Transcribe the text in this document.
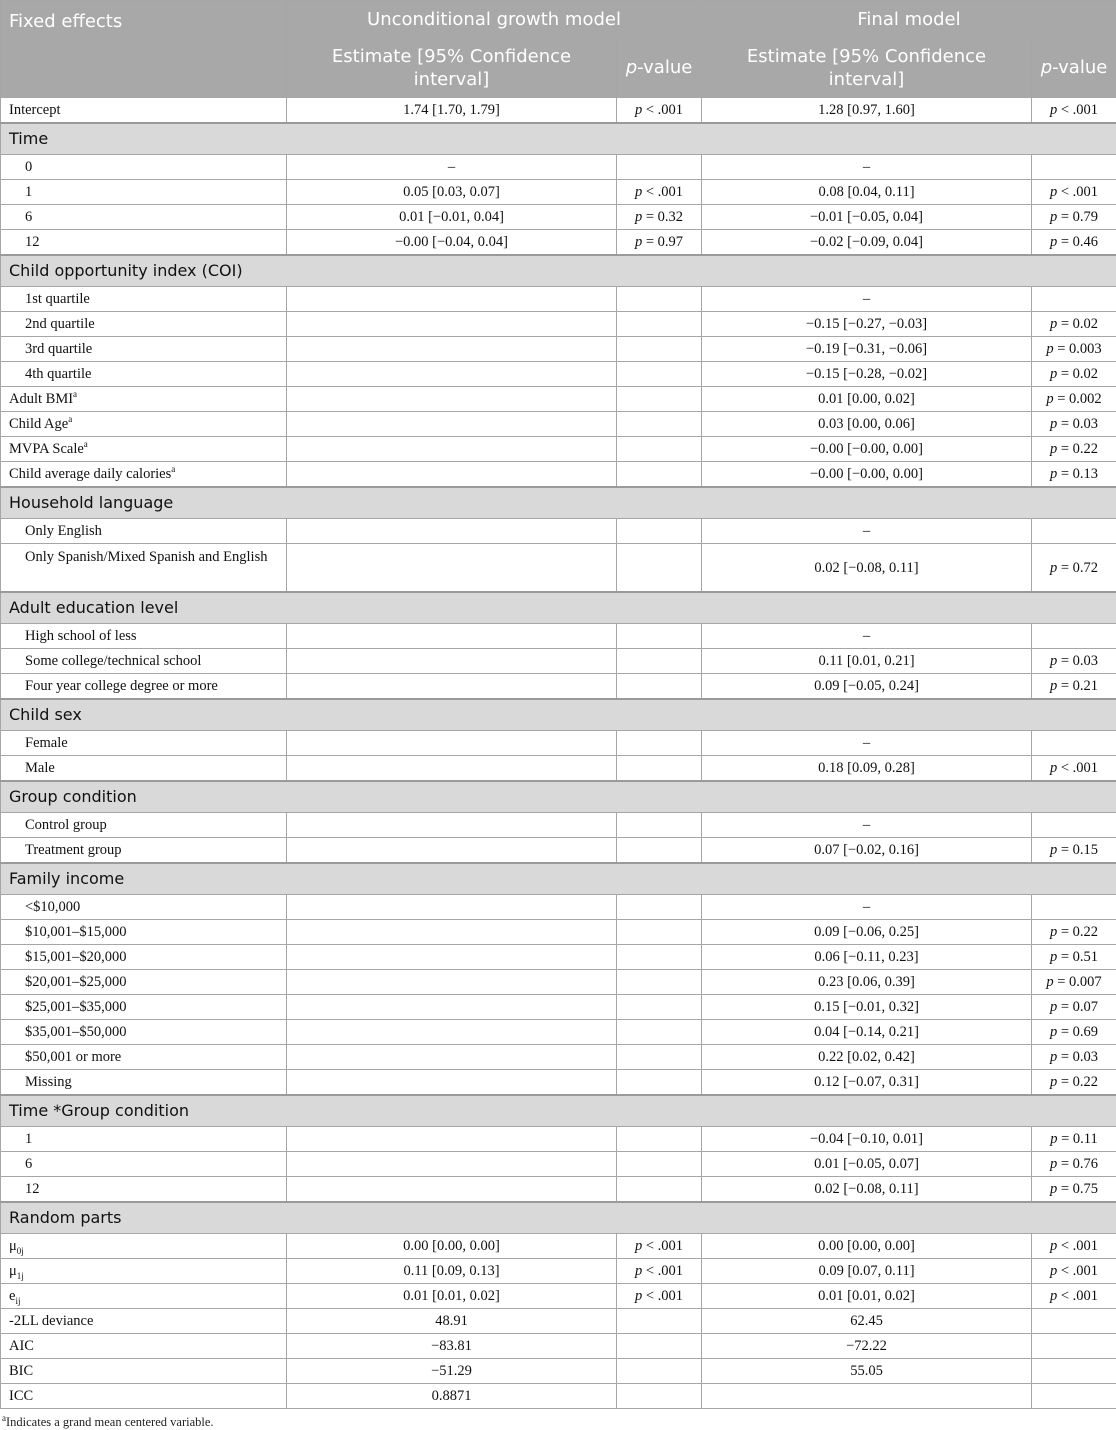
Fixed effects	Unconditional growth model		Final model	
	Estimate [95% Confidence interval]	p-value	Estimate [95% Confidence interval]	p-value
Intercept	1.74 [1.70, 1.79]	p < .001	1.28 [0.97, 1.60]	p < .001
Time				
0	–		–	
1	0.05 [0.03, 0.07]	p < .001	0.08 [0.04, 0.11]	p < .001
6	0.01 [−0.01, 0.04]	p = 0.32	−0.01 [−0.05, 0.04]	p = 0.79
12	−0.00 [−0.04, 0.04]	p = 0.97	−0.02 [−0.09, 0.04]	p = 0.46
Child opportunity index (COI)				
1st quartile			–	
2nd quartile			−0.15 [−0.27, −0.03]	p = 0.02
3rd quartile			−0.19 [−0.31, −0.06]	p = 0.003
4th quartile			−0.15 [−0.28, −0.02]	p = 0.02
Adult BMI$^a$			0.01 [0.00, 0.02]	p = 0.002
Child Age$^a$			0.03 [0.00, 0.06]	p = 0.03
MVPA Scale$^a$			−0.00 [−0.00, 0.00]	p = 0.22
Child average daily calories$^a$			−0.00 [−0.00, 0.00]	p = 0.13
Household language				
Only English			–	
Only Spanish/Mixed Spanish and English			0.02 [−0.08, 0.11]	p = 0.72
Adult education level				
High school of less			–	
Some college/technical school			0.11 [0.01, 0.21]	p = 0.03
Four year college degree or more			0.09 [−0.05, 0.24]	p = 0.21
Child sex				
Female			–	
Male			0.18 [0.09, 0.28]	p < .001
Group condition				
Control group			–	
Treatment group			0.07 [−0.02, 0.16]	p = 0.15
Family income				
<$10,000			–	
$10,001–$15,000			0.09 [−0.06, 0.25]	p = 0.22
$15,001–$20,000			0.06 [−0.11, 0.23]	p = 0.51
$20,001–$25,000			0.23 [0.06, 0.39]	p = 0.007
$25,001–$35,000			0.15 [−0.01, 0.32]	p = 0.07
$35,001–$50,000			0.04 [−0.14, 0.21]	p = 0.69
$50,001 or more			0.22 [0.02, 0.42]	p = 0.03
Missing			0.12 [−0.07, 0.31]	p = 0.22
Time *Group condition				
1			−0.04 [−0.10, 0.01]	p = 0.11
6			0.01 [−0.05, 0.07]	p = 0.76
12			0.02 [−0.08, 0.11]	p = 0.75
Random parts				
$\mu_{0j}$	0.00 [0.00, 0.00]	p < .001	0.00 [0.00, 0.00]	p < .001
$\mu_{1j}$	0.11 [0.09, 0.13]	p < .001	0.09 [0.07, 0.11]	p < .001
$e_{ij}$	0.01 [0.01, 0.02]	p < .001	0.01 [0.01, 0.02]	p < .001
-2LL deviance	48.91		62.45	
AIC	−83.81		−72.22	
BIC	−51.29		55.05	
ICC	0.8871			
$^a$Indicates a grand mean centered variable.
